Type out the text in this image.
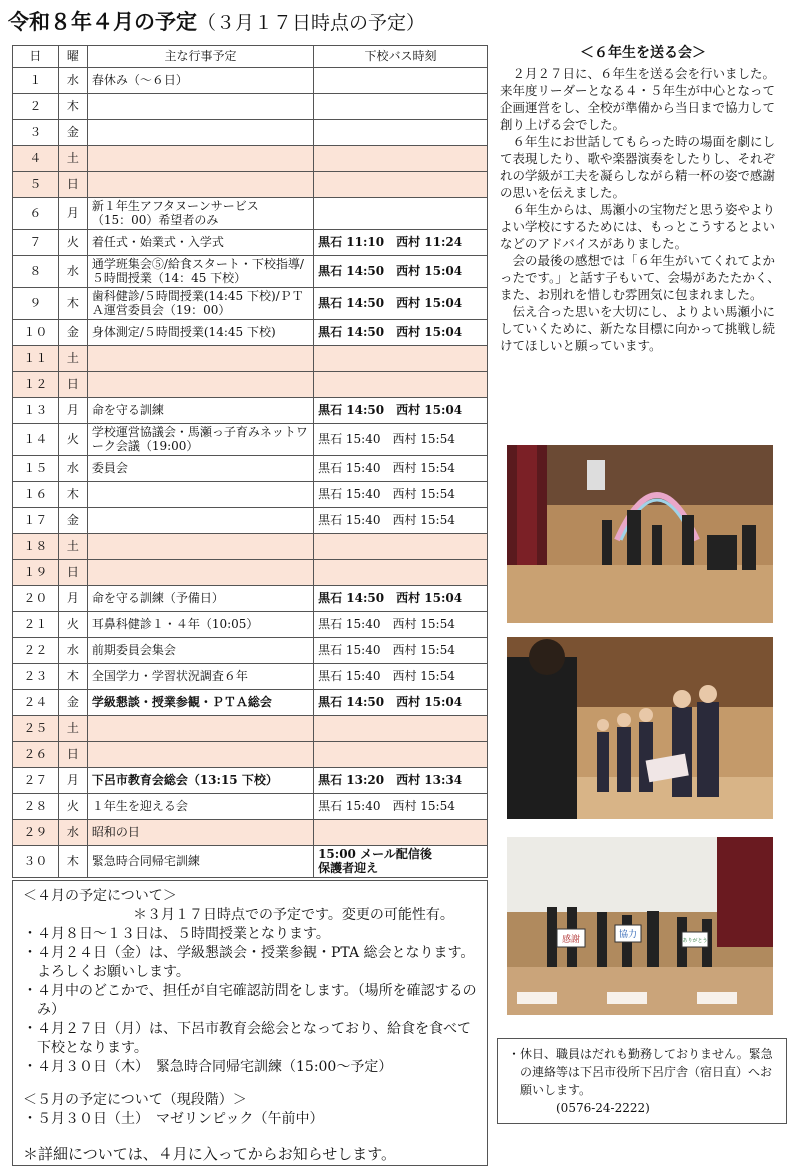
令和８年４月の予定（３月１７日時点の予定）
日	曜	主な行事予定	下校バス時刻
１	水	春休み（～６日）	
２	木		
３	金		
４	土		
５	日		
６	月	新１年生アフタヌーンサービス
（15：00）希望者のみ	
７	火	着任式・始業式・入学式	黒石 11:10　西村 11:24
８	水	通学班集会⑤/給食スタート・下校指導/５時間授業（14：45 下校）	黒石 14:50　西村 15:04
９	木	歯科健診/５時間授業(14:45 下校)/ＰＴＡ運営委員会（19：00）	黒石 14:50　西村 15:04
１０	金	身体測定/５時間授業(14:45 下校)	黒石 14:50　西村 15:04
１１	土		
１２	日		
１３	月	命を守る訓練	黒石 14:50　西村 15:04
１４	火	学校運営協議会・馬瀬っ子育みネットワーク会議（19:00）	黒石 15:40　西村 15:54
１５	水	委員会	黒石 15:40　西村 15:54
１６	木		黒石 15:40　西村 15:54
１７	金		黒石 15:40　西村 15:54
１８	土		
１９	日		
２０	月	命を守る訓練（予備日）	黒石 14:50　西村 15:04
２１	火	耳鼻科健診１・４年（10:05）	黒石 15:40　西村 15:54
２２	水	前期委員会集会	黒石 15:40　西村 15:54
２３	木	全国学力・学習状況調査６年	黒石 15:40　西村 15:54
２４	金	学級懇談・授業参観・ＰＴＡ総会	黒石 14:50　西村 15:04
２５	土		
２６	日		
２７	月	下呂市教育会総会（13:15 下校）	黒石 13:20　西村 13:34
２８	火	１年生を迎える会	黒石 15:40　西村 15:54
２９	水	昭和の日	
３０	木	緊急時合同帰宅訓練	15:00 メール配信後
保護者迎え
＜４月の予定について＞
＊３月１７日時点での予定です。変更の可能性有。
・４月８日～１３日は、５時間授業となります。
・４月２４日（金）は、学級懇談会・授業参観・PTA 総会となります。よろしくお願いします。
・４月中のどこかで、担任が自宅確認訪問をします。（場所を確認するのみ）
・４月２７日（月）は、下呂市教育会総会となっており、給食を食べて下校となります。
・４月３０日（木）　緊急時合同帰宅訓練（15:00～予定）
＜５月の予定について（現段階）＞
・５月３０日（土）　マゼリンピック（午前中）
＊詳細については、４月に入ってからお知らせします。
＜６年生を送る会＞

２月２７日に、６年生を送る会を行いました。来年度リーダーとなる４・５年生が中心となって企画運営をし、全校が準備から当日まで協力して創り上げる会でした。

６年生にお世話してもらった時の場面を劇にして表現したり、歌や楽器演奏をしたりし、それぞれの学級が工夫を凝らしながら精一杯の姿で感謝の思いを伝えました。

６年生からは、馬瀬小の宝物だと思う姿やよりよい学校にするためには、もっとこうするとよいなどのアドバイスがありました。

会の最後の感想では「６年生がいてくれてよかったです。」と話す子もいて、会場があたたかく、また、お別れを惜しむ雰囲気に包まれました。

伝え合った思いを大切にし、よりよい馬瀬小にしていくために、新たな目標に向かって挑戦し続けてほしいと願っています。

感謝	協力
ありがとう
・休日、職員はだれも勤務しておりません。緊急の連絡等は下呂市役所下呂庁舎（宿日直）へお願いします。
(0576-24-2222)
